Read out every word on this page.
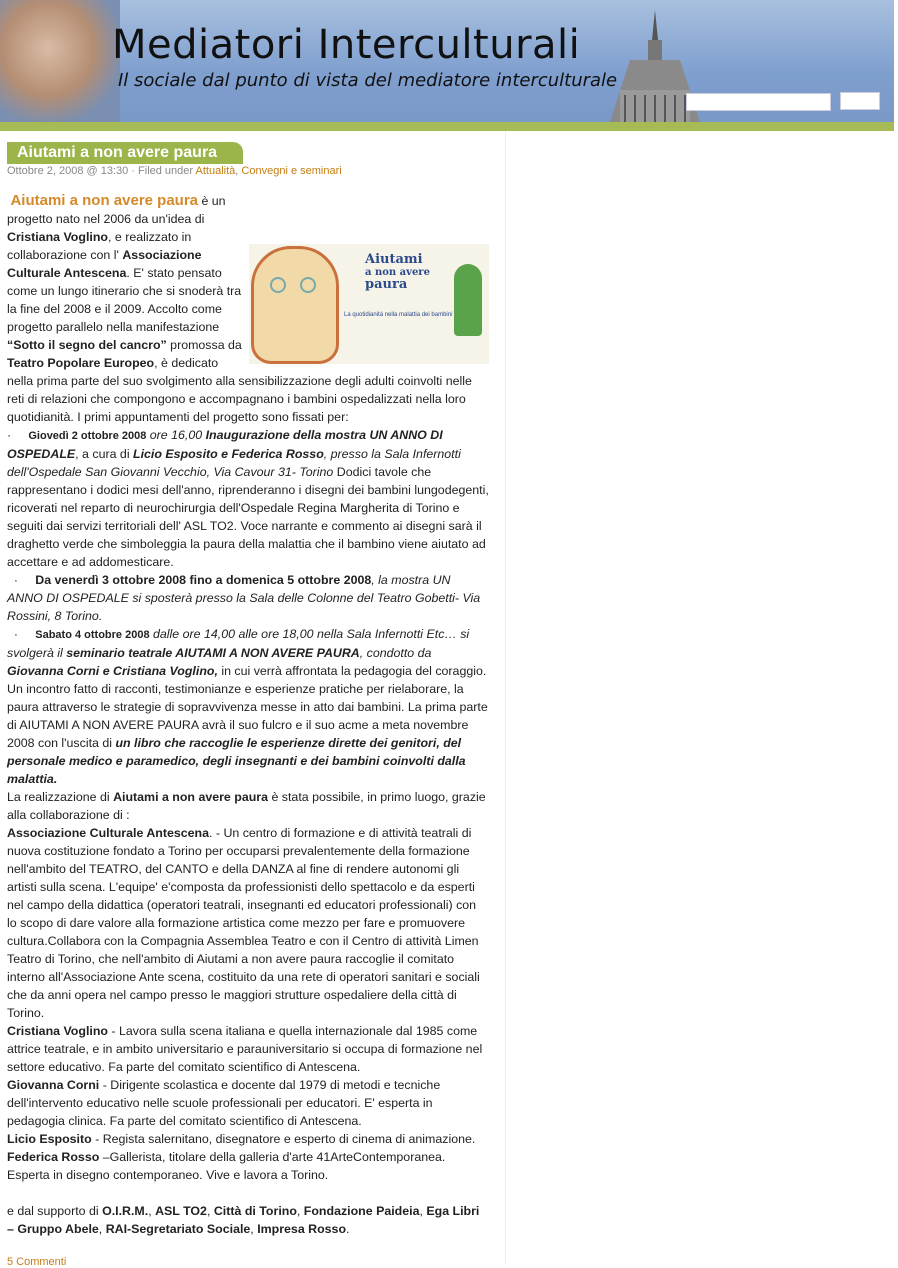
Mediatori Interculturali
Il sociale dal punto di vista del mediatore interculturale
Aiutami a non avere paura
Ottobre 2, 2008 @ 13:30 · Filed under Attualità, Convegni e seminari
Aiutami
a non avere
paura
La quotidianità nella malattia dei bambini

Aiutami a non avere paura è un progetto nato nel 2006 da un'idea di Cristiana Voglino, e realizzato in collaborazione con l' Associazione Culturale Antescena. E' stato pensato come un lungo itinerario che si snoderà tra la fine del 2008 e il 2009. Accolto come progetto parallelo nella manifestazione “Sotto il segno del cancro” promossa da Teatro Popolare Europeo, è dedicato nella prima parte del suo svolgimento alla sensibilizzazione degli adulti coinvolti nelle reti di relazioni che compongono e accompagnano i bambini ospedalizzati nella loro quotidianità. I primi appuntamenti del progetto sono fissati per:

· Giovedì 2 ottobre 2008 ore 16,00 Inaugurazione della mostra UN ANNO DI OSPEDALE, a cura di Licio Esposito e Federica Rosso, presso la Sala Infernotti dell'Ospedale San Giovanni Vecchio, Via Cavour 31- Torino Dodici tavole che rappresentano i dodici mesi dell'anno, riprenderanno i disegni dei bambini lungodegenti, ricoverati nel reparto di neurochirurgia dell'Ospedale Regina Margherita di Torino e seguiti dai servizi territoriali dell' ASL TO2. Voce narrante e commento ai disegni sarà il draghetto verde che simboleggia la paura della malattia che il bambino viene aiutato ad accettare e ad addomesticare.

· Da venerdì 3 ottobre 2008 fino a domenica 5 ottobre 2008, la mostra UN ANNO DI OSPEDALE si sposterà presso la Sala delle Colonne del Teatro Gobetti- Via Rossini, 8 Torino.

· Sabato 4 ottobre 2008 dalle ore 14,00 alle ore 18,00 nella Sala Infernotti Etc… si svolgerà il seminario teatrale AIUTAMI A NON AVERE PAURA, condotto da Giovanna Corni e Cristiana Voglino, in cui verrà affrontata la pedagogia del coraggio. Un incontro fatto di racconti, testimonianze e esperienze pratiche per rielaborare, la paura attraverso le strategie di sopravvivenza messe in atto dai bambini. La prima parte di AIUTAMI A NON AVERE PAURA avrà il suo fulcro e il suo acme a meta novembre 2008 con l'uscita di un libro che raccoglie le esperienze dirette dei genitori, del personale medico e paramedico, degli insegnanti e dei bambini coinvolti dalla malattia.

La realizzazione di Aiutami a non avere paura è stata possibile, in primo luogo, grazie alla collaborazione di :

Associazione Culturale Antescena. - Un centro di formazione e di attività teatrali di nuova costituzione fondato a Torino per occuparsi prevalentemente della formazione nell'ambito del TEATRO, del CANTO e della DANZA al fine di rendere autonomi gli artisti sulla scena. L'equipe' e'composta da professionisti dello spettacolo e da esperti nel campo della didattica (operatori teatrali, insegnanti ed educatori professionali) con lo scopo di dare valore alla formazione artistica come mezzo per fare e promuovere cultura.Collabora con la Compagnia Assemblea Teatro e con il Centro di attività Limen Teatro di Torino, che nell'ambito di Aiutami a non avere paura raccoglie il comitato interno all'Associazione Ante scena, costituito da una rete di operatori sanitari e sociali che da anni opera nel campo presso le maggiori strutture ospedaliere della città di Torino.

Cristiana Voglino - Lavora sulla scena italiana e quella internazionale dal 1985 come attrice teatrale, e in ambito universitario e parauniversitario si occupa di formazione nel settore educativo. Fa parte del comitato scientifico di Antescena.

Giovanna Corni - Dirigente scolastica e docente dal 1979 di metodi e tecniche dell'intervento educativo nelle scuole professionali per educatori. E' esperta in pedagogia clinica. Fa parte del comitato scientifico di Antescena.

Licio Esposito - Regista salernitano, disegnatore e esperto di cinema di animazione.

Federica Rosso –Gallerista, titolare della galleria d'arte 41ArteContemporanea. Esperta in disegno contemporaneo. Vive e lavora a Torino.

e dal supporto di O.I.R.M., ASL TO2, Città di Torino, Fondazione Paideia, Ega Libri – Gruppo Abele, RAI-Segretariato Sociale, Impresa Rosso.

5 Commenti
